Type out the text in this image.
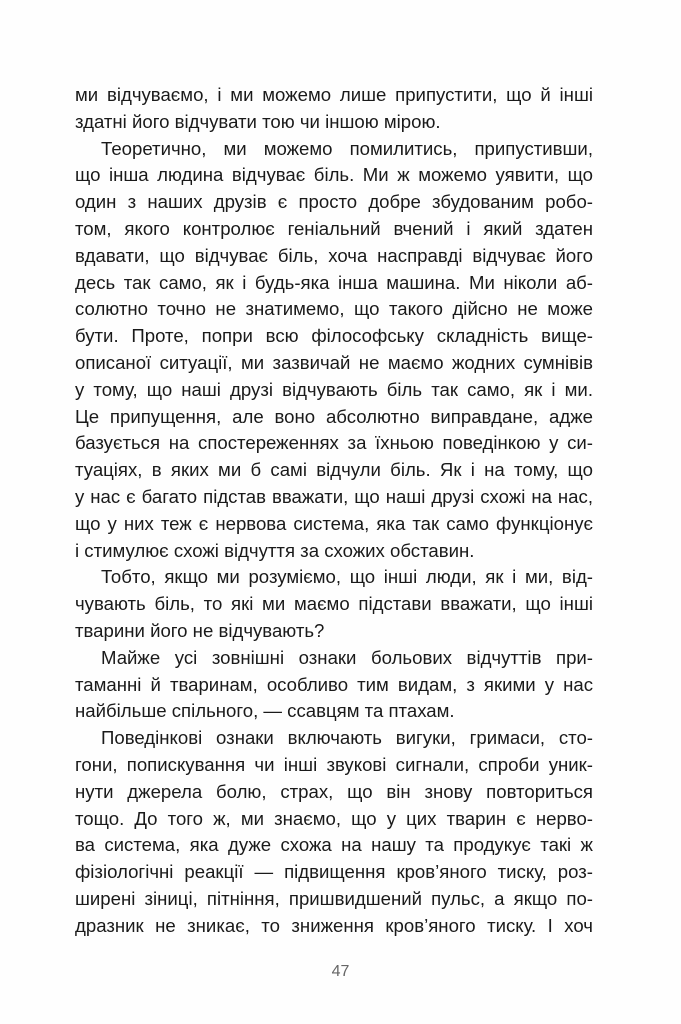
ми відчуваємо, і ми можемо лише припустити, що й інші
здатні його відчувати тою чи іншою мірою.

Теоретично, ми можемо помилитись, припустивши,
що інша людина відчуває біль. Ми ж можемо уявити, що
один з наших друзів є просто добре збудованим робо-
том, якого контролює геніальний вчений і який здатен
вдавати, що відчуває біль, хоча насправді відчуває його
десь так само, як і будь-яка інша машина. Ми ніколи аб-
солютно точно не знатимемо, що такого дійсно не може
бути. Проте, попри всю філософську складність вище-
описаної ситуації, ми зазвичай не маємо жодних сумнівів
у тому, що наші друзі відчувають біль так само, як і ми.
Це припущення, але воно абсолютно виправдане, адже
базується на спостереженнях за їхньою поведінкою у си-
туаціях, в яких ми б самі відчули біль. Як і на тому, що
у нас є багато підстав вважати, що наші друзі схожі на нас,
що у них теж є нервова система, яка так само функціонує
і стимулює схожі відчуття за схожих обставин.

Тобто, якщо ми розуміємо, що інші люди, як і ми, від-
чувають біль, то які ми маємо підстави вважати, що інші
тварини його не відчувають?

Майже усі зовнішні ознаки больових відчуттів при-
таманні й тваринам, особливо тим видам, з якими у нас
найбільше спільного, — ссавцям та птахам.

Поведінкові ознаки включають вигуки, гримаси, сто-
гони, попискування чи інші звукові сигнали, спроби уник-
нути джерела болю, страх, що він знову повториться
тощо. До того ж, ми знаємо, що у цих тварин є нерво-
ва система, яка дуже схожа на нашу та продукує такі ж
фізіологічні реакції — підвищення кров’яного тиску, роз-
ширені зіниці, пітніння, пришвидшений пульс, а якщо по-
дразник не зникає, то зниження кров’яного тиску. І хоч

47
